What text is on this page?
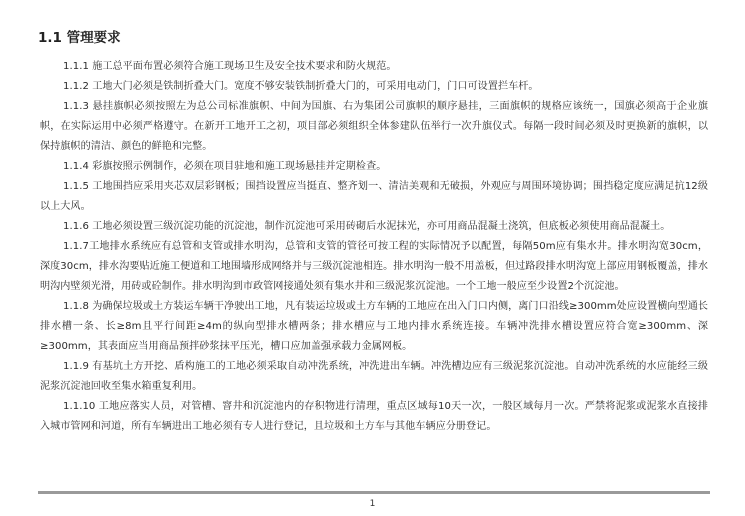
1.1 管理要求

1.1.1 施工总平面布置必须符合施工现场卫生及安全技术要求和防火规范。

1.1.2 工地大门必须是铁制折叠大门。宽度不够安装铁制折叠大门的，可采用电动门，门口可设置拦车杆。

1.1.3 悬挂旗帜必须按照左为总公司标准旗帜、中间为国旗、右为集团公司旗帜的顺序悬挂，三面旗帜的规格应该统一，国旗必须高于企业旗帜，在实际运用中必须严格遵守。在新开工地开工之初，项目部必须组织全体参建队伍举行一次升旗仪式。每隔一段时间必须及时更换新的旗帜，以保持旗帜的清洁、颜色的鲜艳和完整。

1.1.4 彩旗按照示例制作，必须在项目驻地和施工现场悬挂并定期检查。

1.1.5 工地围挡应采用夹芯双层彩钢板；围挡设置应当挺直、整齐划一、清洁美观和无破损，外观应与周围环境协调；围挡稳定度应满足抗12级以上大风。

1.1.6 工地必须设置三级沉淀功能的沉淀池，制作沉淀池可采用砖砌后水泥抹光，亦可用商品混凝土浇筑，但底板必须使用商品混凝土。

1.1.7工地排水系统应有总管和支管或排水明沟，总管和支管的管径可按工程的实际情况予以配置，每隔50m应有集水井。排水明沟宽30cm，深度30cm，排水沟要贴近施工便道和工地围墙形成网络并与三级沉淀池相连。排水明沟一般不用盖板，但过路段排水明沟宽上部应用钢板覆盖，排水明沟内壁须光滑，用砖或砼制作。排水明沟到市政管网接通处须有集水井和三级泥浆沉淀池。一个工地一般应至少设置2个沉淀池。

1.1.8 为确保垃圾或土方装运车辆干净驶出工地，凡有装运垃圾或土方车辆的工地应在出入门口内侧，离门口沿线≥300mm处应设置横向型通长排水槽一条、长≥8m且平行间距≥4m的纵向型排水槽两条；排水槽应与工地内排水系统连接。车辆冲洗排水槽设置应符合宽≥300mm、深≥300mm，其表面应当用商品预拌砂浆抹平压光，槽口应加盖强承载力金属网板。

1.1.9 有基坑土方开挖、盾构施工的工地必须采取自动冲洗系统，冲洗进出车辆。冲洗槽边应有三级泥浆沉淀池。自动冲洗系统的水应能经三级泥浆沉淀池回收至集水箱重复利用。

1.1.10 工地应落实人员，对管槽、窨井和沉淀池内的存积物进行清理，重点区域每10天一次，一般区域每月一次。严禁将泥浆或泥浆水直接排入城市管网和河道，所有车辆进出工地必须有专人进行登记，且垃圾和土方车与其他车辆应分册登记。

1
